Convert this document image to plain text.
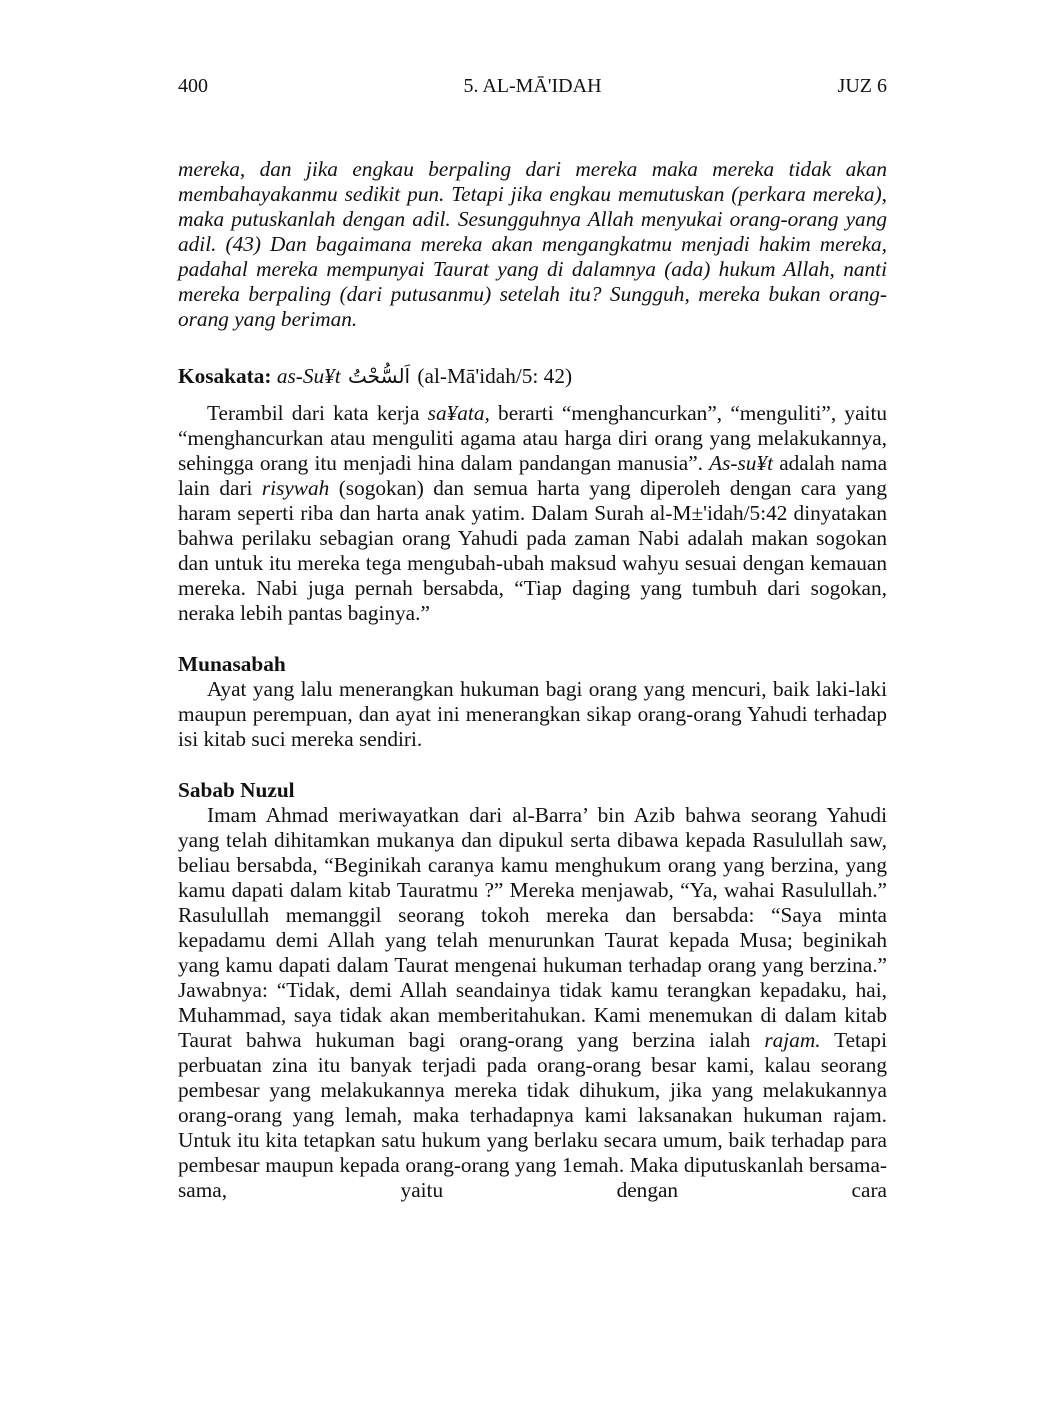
400	5. AL-MĀ'IDAH	JUZ 6

mereka, dan jika engkau berpaling dari mereka maka mereka tidak akan membahayakanmu sedikit pun. Tetapi jika engkau memutuskan (perkara mereka), maka putuskanlah dengan adil. Sesungguhnya Allah menyukai orang-orang yang adil. (43) Dan bagaimana mereka akan mengangkatmu menjadi hakim mereka, padahal mereka mempunyai Taurat yang di dalamnya (ada) hukum Allah, nanti mereka berpaling (dari putusanmu) setelah itu? Sungguh, mereka bukan orang-orang yang beriman.

Kosakata: as-Su¥t اَلسُّحْتُ (al-Mā'idah/5: 42)

Terambil dari kata kerja sa¥ata, berarti “menghancurkan”, “menguliti”, yaitu “menghancurkan atau menguliti agama atau harga diri orang yang melakukannya, sehingga orang itu menjadi hina dalam pandangan manusia”. As-su¥t adalah nama lain dari risywah (sogokan) dan semua harta yang diperoleh dengan cara yang haram seperti riba dan harta anak yatim. Dalam Surah al-M±'idah/5:42 dinyatakan bahwa perilaku sebagian orang Yahudi pada zaman Nabi adalah makan sogokan dan untuk itu mereka tega mengubah-ubah maksud wahyu sesuai dengan kemauan mereka. Nabi juga pernah bersabda, “Tiap daging yang tumbuh dari sogokan, neraka lebih pantas baginya.”

Munasabah

Ayat yang lalu menerangkan hukuman bagi orang yang mencuri, baik laki-laki maupun perempuan, dan ayat ini menerangkan sikap orang-orang Yahudi terhadap isi kitab suci mereka sendiri.

Sabab Nuzul

Imam Ahmad meriwayatkan dari al-Barra’ bin Azib bahwa seorang Yahudi yang telah dihitamkan mukanya dan dipukul serta dibawa kepada Rasulullah saw, beliau bersabda, “Beginikah caranya kamu menghukum orang yang berzina, yang kamu dapati dalam kitab Tauratmu ?” Mereka menjawab, “Ya, wahai Rasulullah.” Rasulullah memanggil seorang tokoh mereka dan bersabda: “Saya minta kepadamu demi Allah yang telah menurunkan Taurat kepada Musa; beginikah yang kamu dapati dalam Taurat mengenai hukuman terhadap orang yang berzina.” Jawabnya: “Tidak, demi Allah seandainya tidak kamu terangkan kepadaku, hai, Muhammad, saya tidak akan memberitahukan. Kami menemukan di dalam kitab Taurat bahwa hukuman bagi orang-orang yang berzina ialah rajam. Tetapi perbuatan zina itu banyak terjadi pada orang-orang besar kami, kalau seorang pembesar yang melakukannya mereka tidak dihukum, jika yang melakukannya orang-orang yang lemah, maka terhadapnya kami laksanakan hukuman rajam. Untuk itu kita tetapkan satu hukum yang berlaku secara umum, baik terhadap para pembesar maupun kepada orang-orang yang 1emah. Maka diputuskanlah bersama-sama, yaitu dengan cara
